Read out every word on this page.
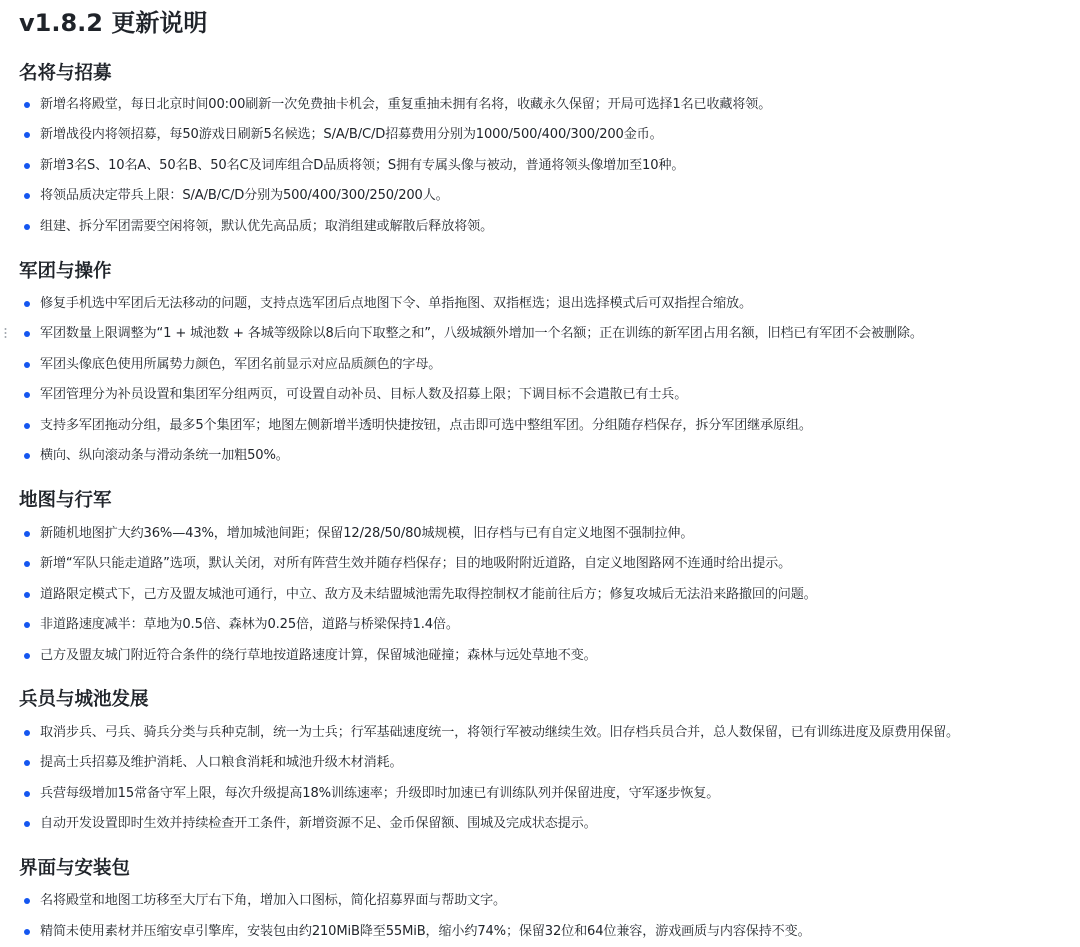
v1.8.2 更新说明
名将与招募
新增名将殿堂，每日北京时间00:00刷新一次免费抽卡机会，重复重抽未拥有名将，收藏永久保留；开局可选择1名已收藏将领。
新增战役内将领招募，每50游戏日刷新5名候选；S/A/B/C/D招募费用分别为1000/500/400/300/200金币。
新增3名S、10名A、50名B、50名C及词库组合D品质将领；S拥有专属头像与被动，普通将领头像增加至10种。
将领品质决定带兵上限：S/A/B/C/D分别为500/400/300/250/200人。
组建、拆分军团需要空闲将领，默认优先高品质；取消组建或解散后释放将领。
军团与操作
修复手机选中军团后无法移动的问题，支持点选军团后点地图下令、单指拖图、双指框选；退出选择模式后可双指捏合缩放。
军团数量上限调整为“1 + 城池数 + 各城等级除以8后向下取整之和”，八级城额外增加一个名额；正在训练的新军团占用名额，旧档已有军团不会被删除。
军团头像底色使用所属势力颜色，军团名前显示对应品质颜色的字母。
军团管理分为补员设置和集团军分组两页，可设置自动补员、目标人数及招募上限；下调目标不会遣散已有士兵。
支持多军团拖动分组，最多5个集团军；地图左侧新增半透明快捷按钮，点击即可选中整组军团。分组随存档保存，拆分军团继承原组。
横向、纵向滚动条与滑动条统一加粗50%。
地图与行军
新随机地图扩大约36%—43%，增加城池间距；保留12/28/50/80城规模，旧存档与已有自定义地图不强制拉伸。
新增“军队只能走道路”选项，默认关闭，对所有阵营生效并随存档保存；目的地吸附附近道路，自定义地图路网不连通时给出提示。
道路限定模式下，己方及盟友城池可通行，中立、敌方及未结盟城池需先取得控制权才能前往后方；修复攻城后无法沿来路撤回的问题。
非道路速度减半：草地为0.5倍、森林为0.25倍，道路与桥梁保持1.4倍。
己方及盟友城门附近符合条件的绕行草地按道路速度计算，保留城池碰撞；森林与远处草地不变。
兵员与城池发展
取消步兵、弓兵、骑兵分类与兵种克制，统一为士兵；行军基础速度统一，将领行军被动继续生效。旧存档兵员合并，总人数保留，已有训练进度及原费用保留。
提高士兵招募及维护消耗、人口粮食消耗和城池升级木材消耗。
兵营每级增加15常备守军上限，每次升级提高18%训练速率；升级即时加速已有训练队列并保留进度，守军逐步恢复。
自动开发设置即时生效并持续检查开工条件，新增资源不足、金币保留额、围城及完成状态提示。
界面与安装包
名将殿堂和地图工坊移至大厅右下角，增加入口图标，简化招募界面与帮助文字。
精简未使用素材并压缩安卓引擎库，安装包由约210MiB降至55MiB，缩小约74%；保留32位和64位兼容，游戏画质与内容保持不变。
